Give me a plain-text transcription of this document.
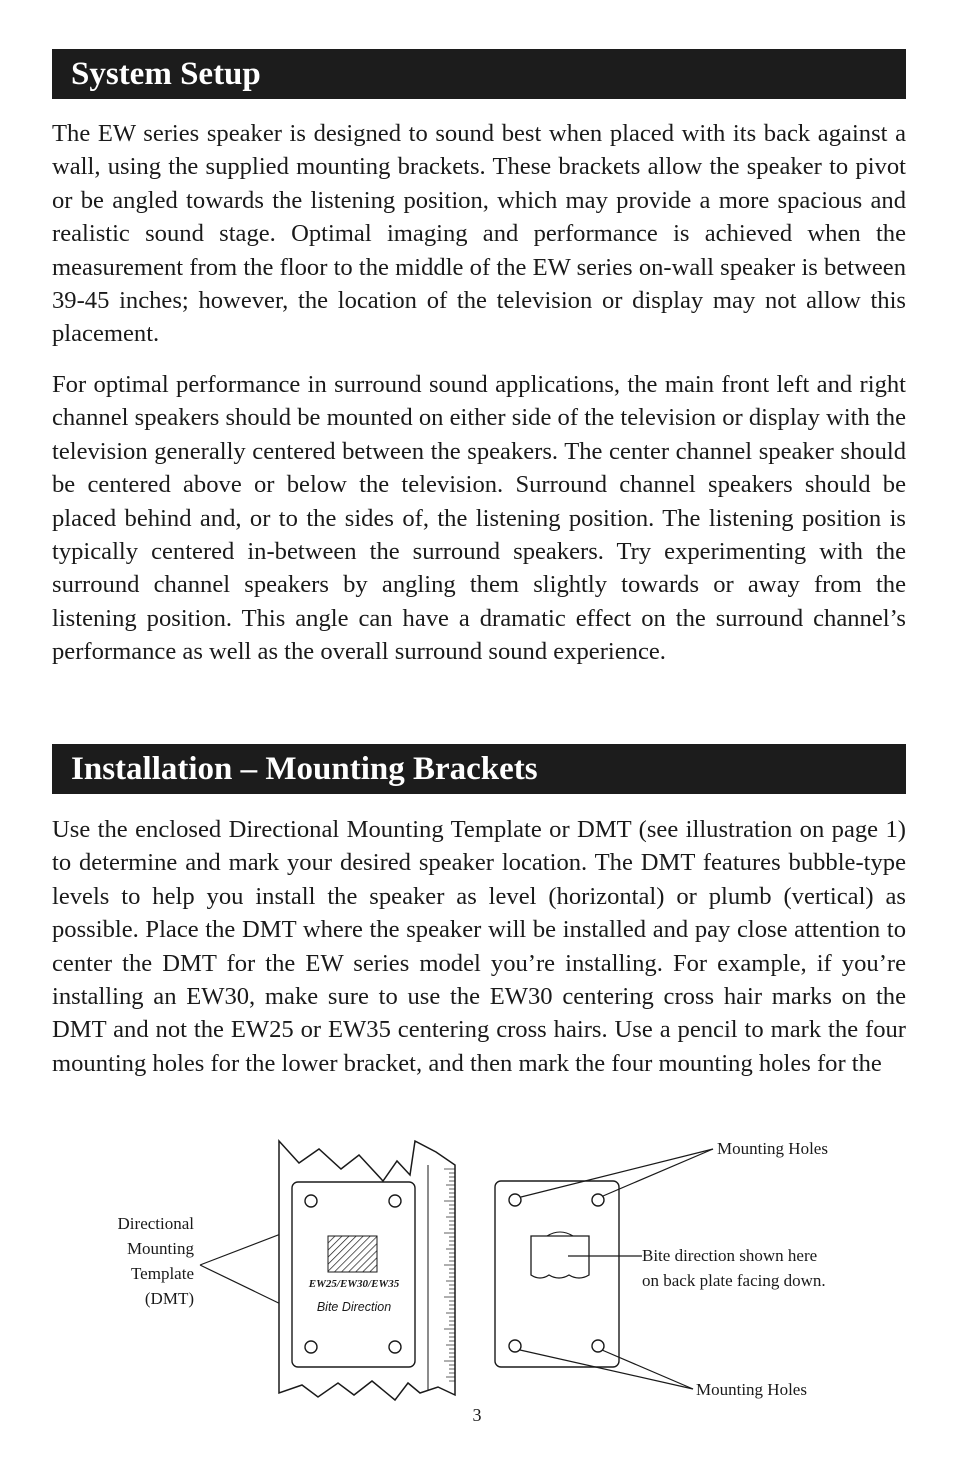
System Setup

The EW series speaker is designed to sound best when placed with its back against a wall, using the supplied mounting brackets. These brackets allow the speaker to pivot or be angled towards the listening position, which may provide a more spacious and realistic sound stage. Optimal imaging and performance is achieved when the measurement from the floor to the middle of the EW series on-wall speaker is between 39-45 inches; however, the location of the television or display may not allow this placement.

For optimal performance in surround sound applications, the main front left and right channel speakers should be mounted on either side of the television or display with the television generally centered between the speakers. The center channel speaker should be centered above or below the television. Surround channel speakers should be placed behind and, or to the sides of, the listening position. The listening position is typically centered in-between the surround speakers. Try experimenting with the surround channel speakers by angling them slightly towards or away from the listening position. This angle can have a dramatic effect on the surround channel’s performance as well as the overall surround sound experience.

Installation – Mounting Brackets

Use the enclosed Directional Mounting Template or DMT (see illustration on page 1) to determine and mark your desired speaker location. The DMT features bubble-type levels to help you install the speaker as level (horizontal) or plumb (vertical) as possible. Place the DMT where the speaker will be installed and pay close attention to center the DMT for the EW series model you’re installing. For example, if you’re installing an EW30, make sure to use the EW30 centering cross hair marks on the DMT and not the EW25 or EW35 centering cross hairs. Use a pencil to mark the four mounting holes for the lower bracket, and then mark the four mounting holes for the

Directional
Mounting
Template
(DMT)
EW25/EW30/EW35
Bite Direction
Mounting Holes
Bite direction shown here
on back plate facing down.
Mounting Holes
3
